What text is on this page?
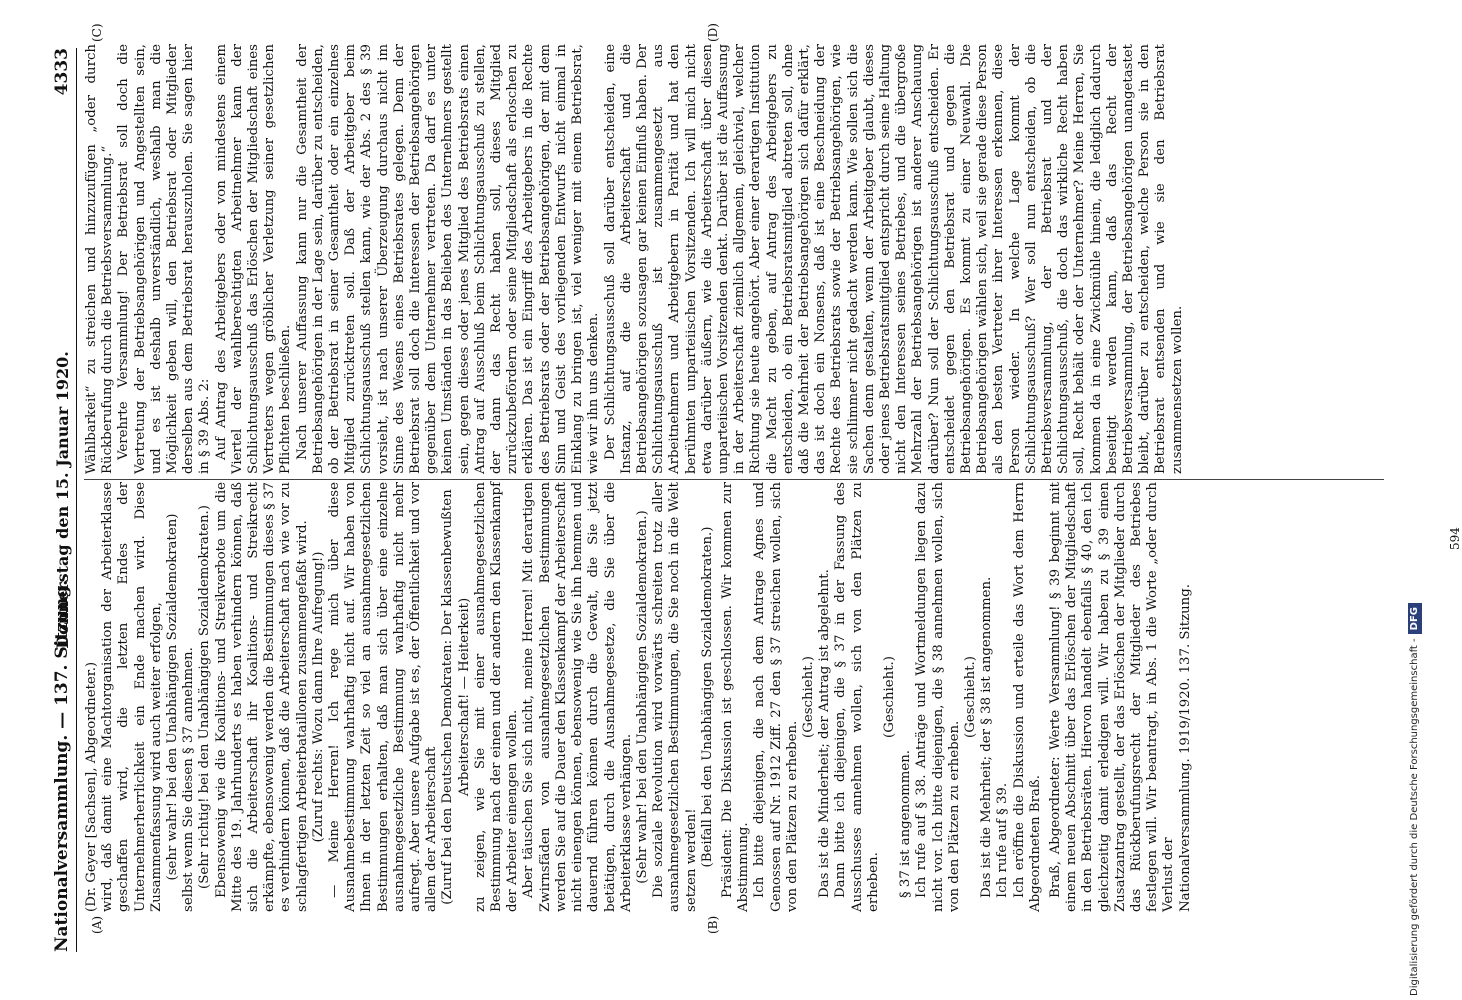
Nationalversammlung. — 137. Sitzung.
Donnerstag den 15. Januar 1920.
4333
(A)	(B)
(C)	(D)

(Dr. Geyer [Sachsen], Abgeordneter.) wird, daß damit eine Machtorganisation der Arbeiterklasse geschaffen wird, die letzten Endes der Unternehmerherrlichkeit ein Ende machen wird. Diese Zusammenfassung wird auch weiter erfolgen, (sehr wahr! bei den Unabhängigen Sozialdemokraten) selbst wenn Sie diesen § 37 annehmen. (Sehr richtig! bei den Unabhängigen Sozialdemokraten.) Ebensowenig wie die Koalitions- und Streikverbote um die Mitte des 19. Jahrhunderts es haben verhindern können, daß sich die Arbeiterschaft ihr Koalitions- und Streikrecht erkämpfte, ebensowenig werden die Bestimmungen dieses § 37 es verhindern können, daß die Arbeiterschaft nach wie vor zu schlagfertigen Arbeiterbataillonen zusammengefaßt wird. (Zuruf rechts: Wozu dann Ihre Aufregung!) — Meine Herren! Ich rege mich über diese Ausnahmebestimmung wahrhaftig nicht auf. Wir haben von Ihnen in der letzten Zeit so viel an ausnahmegesetzlichen Bestimmungen erhalten, daß man sich über eine einzelne ausnahmegesetzliche Bestimmung wahrhaftig nicht mehr aufregt. Aber unsere Aufgabe ist es, der Öffentlichkeit und vor allem der Arbeiterschaft (Zuruf bei den Deutschen Demokraten: Der klassenbewußten Arbeiterschaft! — Heiterkeit) zu zeigen, wie Sie mit einer ausnahmegesetzlichen Bestimmung nach der einen und der andern den Klassenkampf der Arbeiter einengen wollen. Aber täuschen Sie sich nicht, meine Herren! Mit derartigen Zwirnsfäden von ausnahmegesetzlichen Bestimmungen werden Sie auf die Dauer den Klassenkampf der Arbeiterschaft nicht einengen können, ebensowenig wie Sie ihn hemmen und dauernd führen können durch die Gewalt, die Sie jetzt betätigen, durch die Ausnahmegesetze, die Sie über die Arbeiterklasse verhängen. (Sehr wahr! bei den Unabhängigen Sozialdemokraten.) Die soziale Revolution wird vorwärts schreiten trotz aller ausnahmegesetzlichen Bestimmungen, die Sie noch in die Welt setzen werden! (Beifall bei den Unabhängigen Sozialdemokraten.) Präsident: Die Diskussion ist geschlossen. Wir kommen zur Abstimmung. Ich bitte diejenigen, die nach dem Antrage Agnes und Genossen auf Nr. 1912 Ziff. 27 den § 37 streichen wollen, sich von den Plätzen zu erheben.

(Geschieht.) Das ist die Minderheit; der Antrag ist abgelehnt. Dann bitte ich diejenigen, die § 37 in der Fassung des Ausschusses annehmen wollen, sich von den Plätzen zu erheben.

(Geschieht.)

§ 37 ist angenommen. Ich rufe auf § 38. Anträge und Wortmeldungen liegen dazu nicht vor. Ich bitte diejenigen, die § 38 annehmen wollen, sich von den Plätzen zu erheben.

(Geschieht.) Das ist die Mehrheit; der § 38 ist angenommen. Ich rufe auf § 39. Ich eröffne die Diskussion und erteile das Wort dem Herrn Abgeordneten Braß. Braß, Abgeordneter: Werte Versammlung! § 39 beginnt mit einem neuen Abschnitt über das Erlöschen der Mitgliedschaft in den Betriebsräten. Hiervon handelt ebenfalls § 40, den ich gleichzeitig damit erledigen will. Wir haben zu § 39 einen Zusatzantrag gestellt, der das Erlöschen der Mitglieder durch das Rückberufungsrecht der Mitglieder des Betriebes festlegen will. Wir beantragt, in Abs. 1 die Worte „oder durch Verlust der Nationalversammlung. 1919/1920. 137. Sitzung.

Wählbarkeit“ zu streichen und hinzuzufügen „oder durch Rückberufung durch die Betriebsversammlung.“ Verehrte Versammlung! Der Betriebsrat soll doch die Vertretung der Betriebsangehörigen und Angestellten sein, und es ist deshalb unverständlich, weshalb man die Möglichkeit geben will, den Betriebsrat oder Mitglieder derselben aus dem Betriebsrat herauszuholen. Sie sagen hier in § 39 Abs. 2: Auf Antrag des Arbeitgebers oder von mindestens einem Viertel der wahlberechtigten Arbeitnehmer kann der Schlichtungsausschuß das Erlöschen der Mitgliedschaft eines Vertreters wegen gröblicher Verletzung seiner gesetzlichen Pflichten beschließen. Nach unserer Auffassung kann nur die Gesamtheit der Betriebsangehörigen in der Lage sein, darüber zu entscheiden, ob der Betriebsrat in seiner Gesamtheit oder ein einzelnes Mitglied zurücktreten soll. Daß der Arbeitgeber beim Schlichtungsausschuß stellen kann, wie der Abs. 2 des § 39 vorsieht, ist nach unserer Überzeugung durchaus nicht im Sinne des Wesens eines Betriebsrates gelegen. Denn der Betriebsrat soll doch die Interessen der Betriebsangehörigen gegenüber dem Unternehmer vertreten. Da darf es unter keinen Umständen in das Belieben des Unternehmers gestellt sein, gegen dieses oder jenes Mitglied des Betriebsrats einen Antrag auf Ausschluß beim Schlichtungsausschuß zu stellen, der dann das Recht haben soll, dieses Mitglied zurückzubefördern oder seine Mitgliedschaft als erloschen zu erklären. Das ist ein Eingriff des Arbeitgebers in die Rechte des Betriebsrats oder der Betriebsangehörigen, der mit dem Sinn und Geist des vorliegenden Entwurfs nicht einmal in Einklang zu bringen ist, viel weniger mit einem Betriebsrat, wie wir ihn uns denken. Der Schlichtungsausschuß soll darüber entscheiden, eine Instanz, auf die die Arbeiterschaft und die Betriebsangehörigen sozusagen gar keinen Einfluß haben. Der Schlichtungsausschuß ist zusammengesetzt aus Arbeitnehmern und Arbeitgebern in Parität und hat den berühmten unparteiischen Vorsitzenden. Ich will mich nicht etwa darüber äußern, wie die Arbeiterschaft über diesen unparteiischen Vorsitzenden denkt. Darüber ist die Auffassung in der Arbeiterschaft ziemlich allgemein, gleichviel, welcher Richtung sie heute angehört. Aber einer derartigen Institution die Macht zu geben, auf Antrag des Arbeitgebers zu entscheiden, ob ein Betriebsratsmitglied abtreten soll, ohne daß die Mehrheit der Betriebsangehörigen sich dafür erklärt, das ist doch ein Nonsens, daß ist eine Beschneidung der Rechte des Betriebsrats sowie der Betriebsangehörigen, wie sie schlimmer nicht gedacht werden kann. Wie sollen sich die Sachen denn gestalten, wenn der Arbeitgeber glaubt, dieses oder jenes Betriebsratsmitglied entspricht durch seine Haltung nicht den Interessen seines Betriebes, und die übergroße Mehrzahl der Betriebsangehörigen ist anderer Anschauung darüber? Nun soll der Schlichtungsausschuß entscheiden. Er entscheidet gegen den Betriebsrat und gegen die Betriebsangehörigen. Es kommt zu einer Neuwahl. Die Betriebsangehörigen wählen sich, weil sie gerade diese Person als den besten Vertreter ihrer Interessen erkennen, diese Person wieder. In welche Lage kommt der Schlichtungsausschuß? Wer soll nun entscheiden, ob die Betriebsversammlung, der Betriebsrat und der Schlichtungsausschuß, die doch das wirkliche Recht haben soll, Recht behält oder der Unternehmer? Meine Herren, Sie kommen da in eine Zwickmühle hinein, die lediglich dadurch beseitigt werden kann, daß das Recht der Betriebsversammlung, der Betriebsangehörigen unangetastet bleibt, darüber zu entscheiden, welche Person sie in den Betriebsrat entsenden und wie sie den Betriebsrat zusammensetzen wollen.

594
Digitalisierung gefördert durch die Deutsche Forschungsgemeinschaft -DFG
